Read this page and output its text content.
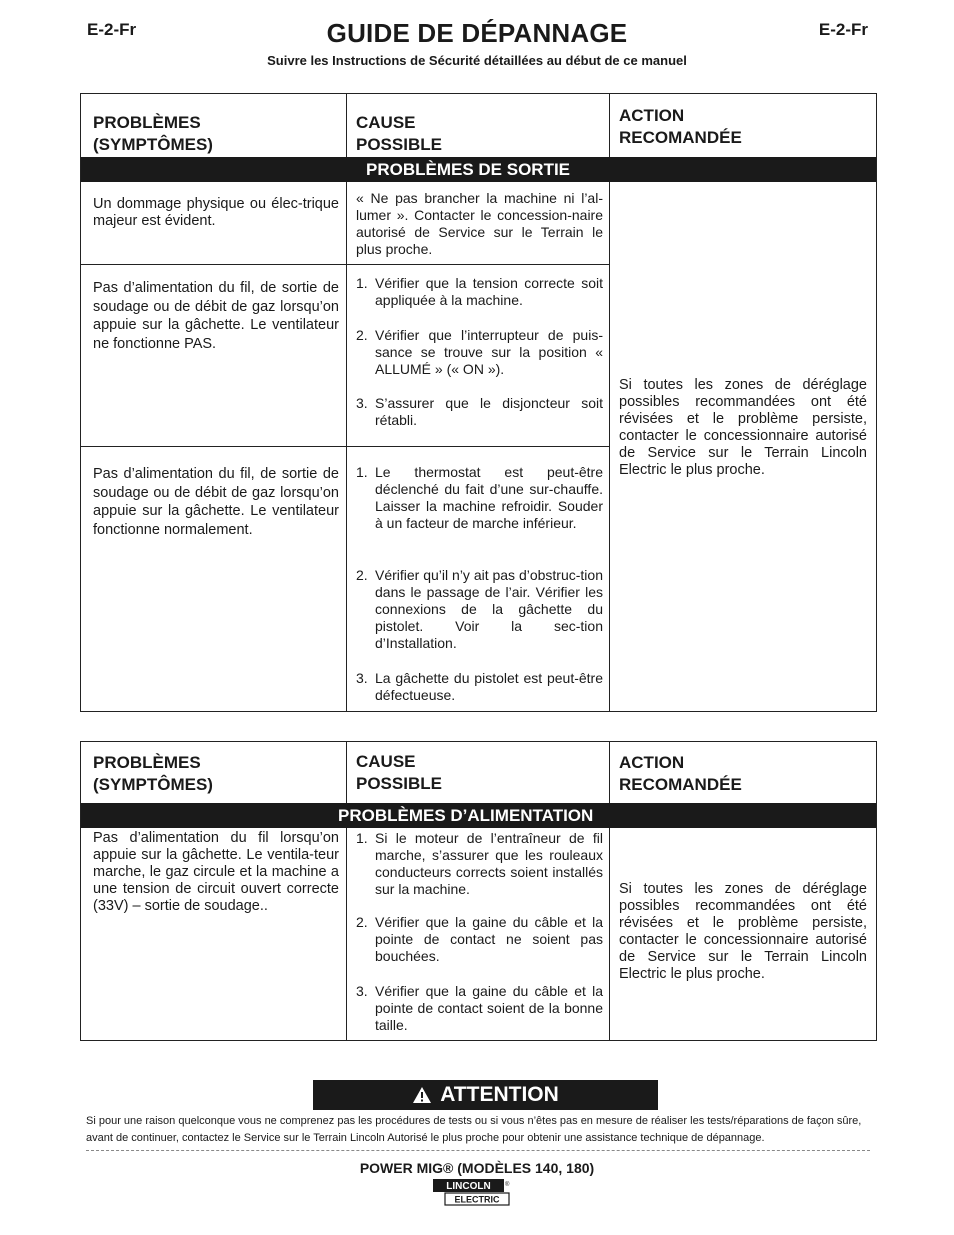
E-2-Fr	GUIDE DE DÉPANNAGE	E-2-Fr
Suivre les Instructions de Sécurité détaillées au début de ce manuel
PROBLÈMES
(SYMPTÔMES)
CAUSE
POSSIBLE
ACTION
RECOMANDÉE
PROBLÈMES DE SORTIE
Un dommage physique ou élec-trique majeur est évident.
« Ne pas brancher la machine ni l’al-lumer ». Contacter le concession-naire autorisé de Service sur le Terrain le plus proche.
Pas d’alimentation du fil, de sortie de soudage ou de débit de gaz lorsqu’on appuie sur la gâchette. Le ventilateur ne fonctionne PAS.
1. Vérifier que la tension correcte soit appliquée à la machine.
2. Vérifier que l’interrupteur de puis-sance se trouve sur la position « ALLUMÉ » (« ON »).
3. S’assurer que le disjoncteur soit rétabli.
Pas d’alimentation du fil, de sortie de soudage ou de débit de gaz lorsqu’on appuie sur la gâchette. Le ventilateur fonctionne normalement.
1. Le thermostat est peut-être déclenché du fait d’une sur-chauffe. Laisser la machine refroidir. Souder à un facteur de marche inférieur.
2. Vérifier qu’il n’y ait pas d’obstruc-tion dans le passage de l’air. Vérifier les connexions de la gâchette du pistolet. Voir la sec-tion d’Installation.
3. La gâchette du pistolet est peut-être défectueuse.
Si toutes les zones de déréglage possibles recommandées ont été révisées et le problème persiste, contacter le concessionnaire autorisé de Service sur le Terrain Lincoln Electric le plus proche.
PROBLÈMES
(SYMPTÔMES)
CAUSE
POSSIBLE
ACTION
RECOMANDÉE
PROBLÈMES D’ALIMENTATION
Pas d’alimentation du fil lorsqu’on appuie sur la gâchette. Le ventila-teur marche, le gaz circule et la machine a une tension de circuit ouvert correcte (33V) – sortie de soudage..
1. Si le moteur de l’entraîneur de fil marche, s’assurer que les rouleaux conducteurs corrects soient installés sur la machine.
2. Vérifier que la gaine du câble et la pointe de contact ne soient pas bouchées.
3. Vérifier que la gaine du câble et la pointe de contact soient de la bonne taille.
Si toutes les zones de déréglage possibles recommandées ont été révisées et le problème persiste, contacter le concessionnaire autorisé de Service sur le Terrain Lincoln Electric le plus proche.
ATTENTION
Si pour une raison quelconque vous ne comprenez pas les procédures de tests ou si vous n’êtes pas en mesure de réaliser les tests/réparations de façon sûre, avant de continuer, contactez le Service sur le Terrain Lincoln Autorisé le plus proche pour obtenir une assistance technique de dépannage.
POWER MIG® (MODÈLES 140, 180)
LINCOLN ®
ELECTRIC
